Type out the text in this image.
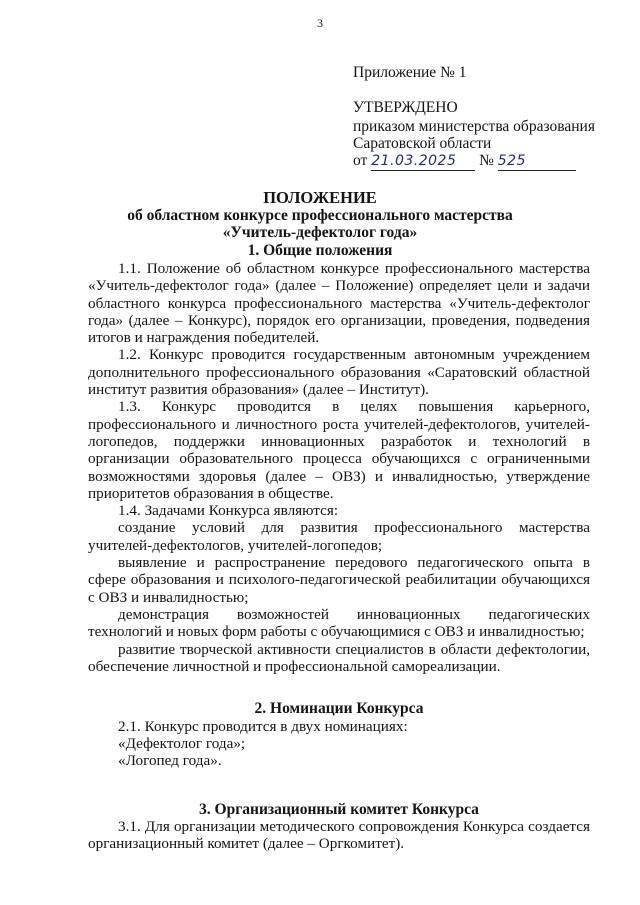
3
Приложение № 1
УТВЕРЖДЕНО
приказом министерства образования
Саратовской области
от 21.03.2025 № 525
ПОЛОЖЕНИЕ
об областном конкурсе профессионального мастерства
«Учитель-дефектолог года»
1. Общие положения

1.1. Положение об областном конкурсе профессионального мастерства «Учитель-дефектолог года» (далее – Положение) определяет цели и задачи областного конкурса профессионального мастерства «Учитель-дефектолог года» (далее – Конкурс), порядок его организации, проведения, подведения итогов и награждения победителей.

1.2. Конкурс проводится государственным автономным учреждением дополнительного профессионального образования «Саратовский областной институт развития образования» (далее – Институт).

1.3. Конкурс проводится в целях повышения карьерного, профессионального и личностного роста учителей-дефектологов, учителей-логопедов, поддержки инновационных разработок и технологий в организации образовательного процесса обучающихся с ограниченными возможностями здоровья (далее – ОВЗ) и инвалидностью, утверждение приоритетов образования в обществе.

1.4. Задачами Конкурса являются:

создание условий для развития профессионального мастерства учителей-дефектологов, учителей-логопедов;

выявление и распространение передового педагогического опыта в сфере образования и психолого-педагогической реабилитации обучающихся с ОВЗ и инвалидностью;

демонстрация возможностей инновационных педагогических технологий и новых форм работы с обучающимися с ОВЗ и инвалидностью;

развитие творческой активности специалистов в области дефектологии, обеспечение личностной и профессиональной самореализации.

2. Номинации Конкурса

2.1. Конкурс проводится в двух номинациях:

«Дефектолог года»;

«Логопед года».

3. Организационный комитет Конкурса

3.1. Для организации методического сопровождения Конкурса создается организационный комитет (далее – Оргкомитет).
